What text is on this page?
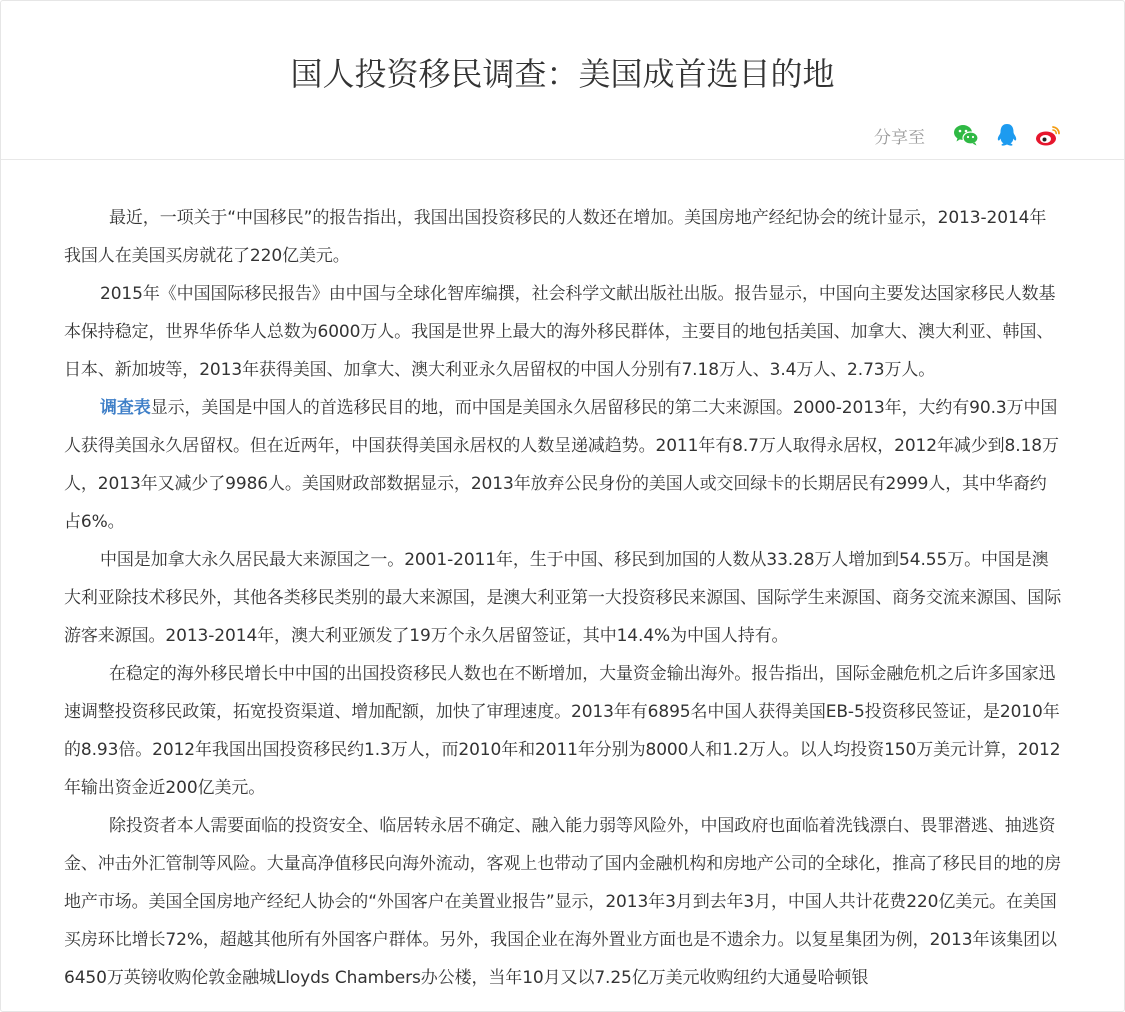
国人投资移民调查：美国成首选目的地
分享至

最近，一项关于“中国移民”的报告指出，我国出国投资移民的人数还在增加。美国房地产经纪协会的统计显示，2013-2014年我国人在美国买房就花了220亿美元。

2015年《中国国际移民报告》由中国与全球化智库编撰，社会科学文献出版社出版。报告显示，中国向主要发达国家移民人数基本保持稳定，世界华侨华人总数为6000万人。我国是世界上最大的海外移民群体，主要目的地包括美国、加拿大、澳大利亚、韩国、日本、新加坡等，2013年获得美国、加拿大、澳大利亚永久居留权的中国人分别有7.18万人、3.4万人、2.73万人。

调查表显示，美国是中国人的首选移民目的地，而中国是美国永久居留移民的第二大来源国。2000-2013年，大约有90.3万中国人获得美国永久居留权。但在近两年，中国获得美国永居权的人数呈递减趋势。2011年有8.7万人取得永居权，2012年减少到8.18万人，2013年又减少了9986人。美国财政部数据显示，2013年放弃公民身份的美国人或交回绿卡的长期居民有2999人，其中华裔约占6%。

中国是加拿大永久居民最大来源国之一。2001-2011年，生于中国、移民到加国的人数从33.28万人增加到54.55万。中国是澳大利亚除技术移民外，其他各类移民类别的最大来源国，是澳大利亚第一大投资移民来源国、国际学生来源国、商务交流来源国、国际游客来源国。2013-2014年，澳大利亚颁发了19万个永久居留签证，其中14.4%为中国人持有。

在稳定的海外移民增长中中国的出国投资移民人数也在不断增加，大量资金输出海外。报告指出，国际金融危机之后许多国家迅速调整投资移民政策，拓宽投资渠道、增加配额，加快了审理速度。2013年有6895名中国人获得美国EB-5投资移民签证，是2010年的8.93倍。2012年我国出国投资移民约1.3万人，而2010年和2011年分别为8000人和1.2万人。以人均投资150万美元计算，2012年输出资金近200亿美元。

除投资者本人需要面临的投资安全、临居转永居不确定、融入能力弱等风险外，中国政府也面临着洗钱漂白、畏罪潜逃、抽逃资金、冲击外汇管制等风险。大量高净值移民向海外流动，客观上也带动了国内金融机构和房地产公司的全球化，推高了移民目的地的房地产市场。美国全国房地产经纪人协会的“外国客户在美置业报告”显示，2013年3月到去年3月，中国人共计花费220亿美元。在美国买房环比增长72%，超越其他所有外国客户群体。另外，我国企业在海外置业方面也是不遗余力。以复星集团为例，2013年该集团以6450万英镑收购伦敦金融城Lloyds Chambers办公楼，当年10月又以7.25亿万美元收购纽约大通曼哈顿银
